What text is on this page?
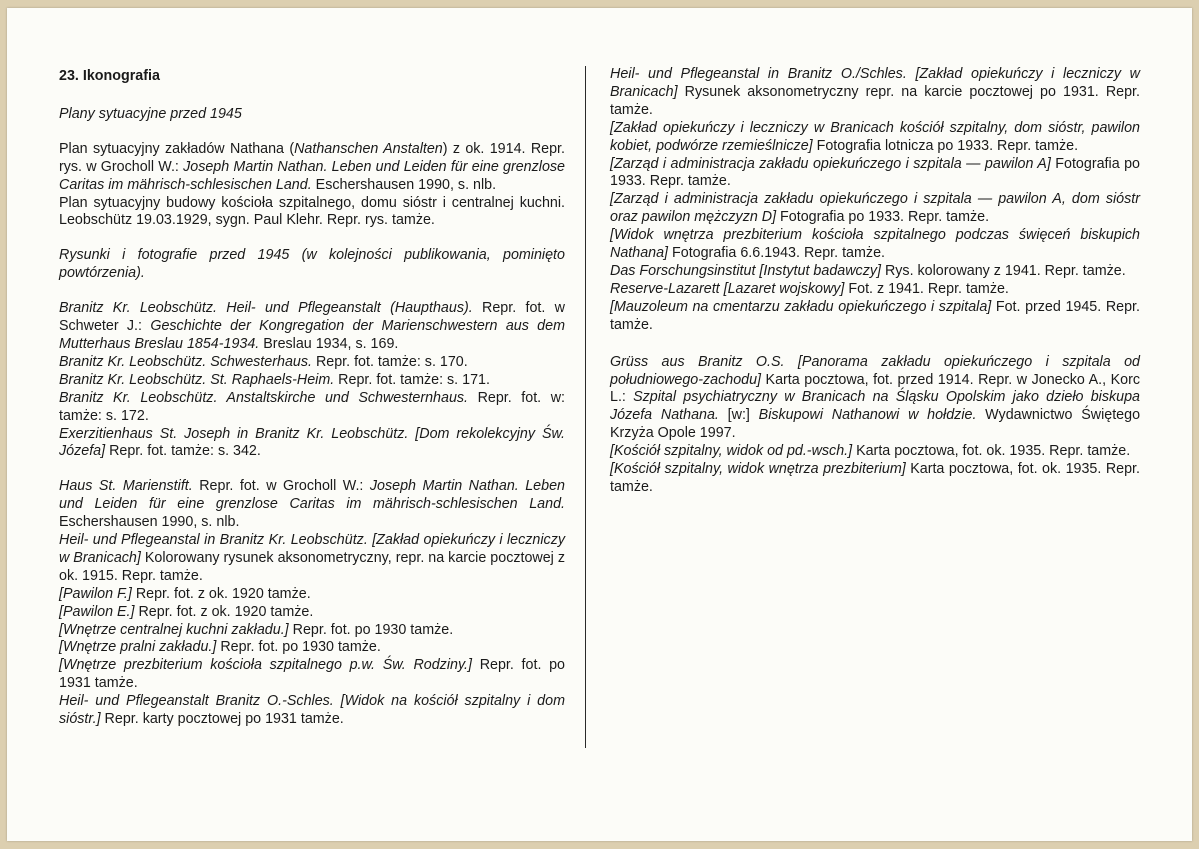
23. Ikonografia

Plany sytuacyjne przed 1945

Plan sytuacyjny zakładów Nathana (Nathanschen Anstalten) z ok. 1914. Repr. rys. w Grocholl W.: Joseph Martin Nathan. Leben und Leiden für eine grenzlose Caritas im mährisch-schlesischen Land. Eschershausen 1990, s. nlb.

Plan sytuacyjny budowy kościoła szpitalnego, domu sióstr i centralnej kuchni. Leobschütz 19.03.1929, sygn. Paul Klehr. Repr. rys. tamże.

Rysunki i fotografie przed 1945 (w kolejności publikowania, pominięto powtórzenia).

Branitz Kr. Leobschütz. Heil- und Pflegeanstalt (Haupthaus). Repr. fot. w Schweter J.: Geschichte der Kongregation der Marienschwestern aus dem Mutterhaus Breslau 1854-1934. Breslau 1934, s. 169.

Branitz Kr. Leobschütz. Schwesterhaus. Repr. fot. tamże: s. 170.

Branitz Kr. Leobschütz. St. Raphaels-Heim. Repr. fot. tamże: s. 171.

Branitz Kr. Leobschütz. Anstaltskirche und Schwesternhaus. Repr. fot. w: tamże: s. 172.

Exerzitienhaus St. Joseph in Branitz Kr. Leobschütz. [Dom rekolekcyjny Św. Józefa] Repr. fot. tamże: s. 342.

Haus St. Marienstift. Repr. fot. w Grocholl W.: Joseph Martin Nathan. Leben und Leiden für eine grenzlose Caritas im mährisch-schlesischen Land. Eschershausen 1990, s. nlb.

Heil- und Pflegeanstal in Branitz Kr. Leobschütz. [Zakład opiekuńczy i leczniczy w Branicach] Kolorowany rysunek aksonometryczny, repr. na karcie pocztowej z ok. 1915. Repr. tamże.

[Pawilon F.] Repr. fot. z ok. 1920 tamże.

[Pawilon E.] Repr. fot. z ok. 1920 tamże.

[Wnętrze centralnej kuchni zakładu.] Repr. fot. po 1930 tamże.

[Wnętrze pralni zakładu.] Repr. fot. po 1930 tamże.

[Wnętrze prezbiterium kościoła szpitalnego p.w. Św. Rodziny.] Repr. fot. po 1931 tamże.

Heil- und Pflegeanstalt Branitz O.-Schles. [Widok na kościół szpitalny i dom sióstr.] Repr. karty pocztowej po 1931 tamże.

Heil- und Pflegeanstal in Branitz O./Schles. [Zakład opiekuńczy i leczniczy w Branicach] Rysunek aksonometryczny repr. na karcie pocztowej po 1931. Repr. tamże.

[Zakład opiekuńczy i leczniczy w Branicach kościół szpitalny, dom sióstr, pawilon kobiet, podwórze rzemieślnicze] Fotografia lotnicza po 1933. Repr. tamże.

[Zarząd i administracja zakładu opiekuńczego i szpitala — pawilon A] Fotografia po 1933. Repr. tamże.

[Zarząd i administracja zakładu opiekuńczego i szpitala — pawilon A, dom sióstr oraz pawilon mężczyzn D] Fotografia po 1933. Repr. tamże.

[Widok wnętrza prezbiterium kościoła szpitalnego podczas święceń biskupich Nathana] Fotografia 6.6.1943. Repr. tamże.

Das Forschungsinstitut [Instytut badawczy] Rys. kolorowany z 1941. Repr. tamże.

Reserve-Lazarett [Lazaret wojskowy] Fot. z 1941. Repr. tamże.

[Mauzoleum na cmentarzu zakładu opiekuńczego i szpitala] Fot. przed 1945. Repr. tamże.

Grüss aus Branitz O.S. [Panorama zakładu opiekuńczego i szpitala od południowego-zachodu] Karta pocztowa, fot. przed 1914. Repr. w Jonecko A., Korc L.: Szpital psychiatryczny w Branicach na Śląsku Opolskim jako dzieło biskupa Józefa Nathana. [w:] Biskupowi Nathanowi w hołdzie. Wydawnictwo Świętego Krzyża Opole 1997.

[Kościół szpitalny, widok od pd.-wsch.] Karta pocztowa, fot. ok. 1935. Repr. tamże.

[Kościół szpitalny, widok wnętrza prezbiterium] Karta pocztowa, fot. ok. 1935. Repr. tamże.
